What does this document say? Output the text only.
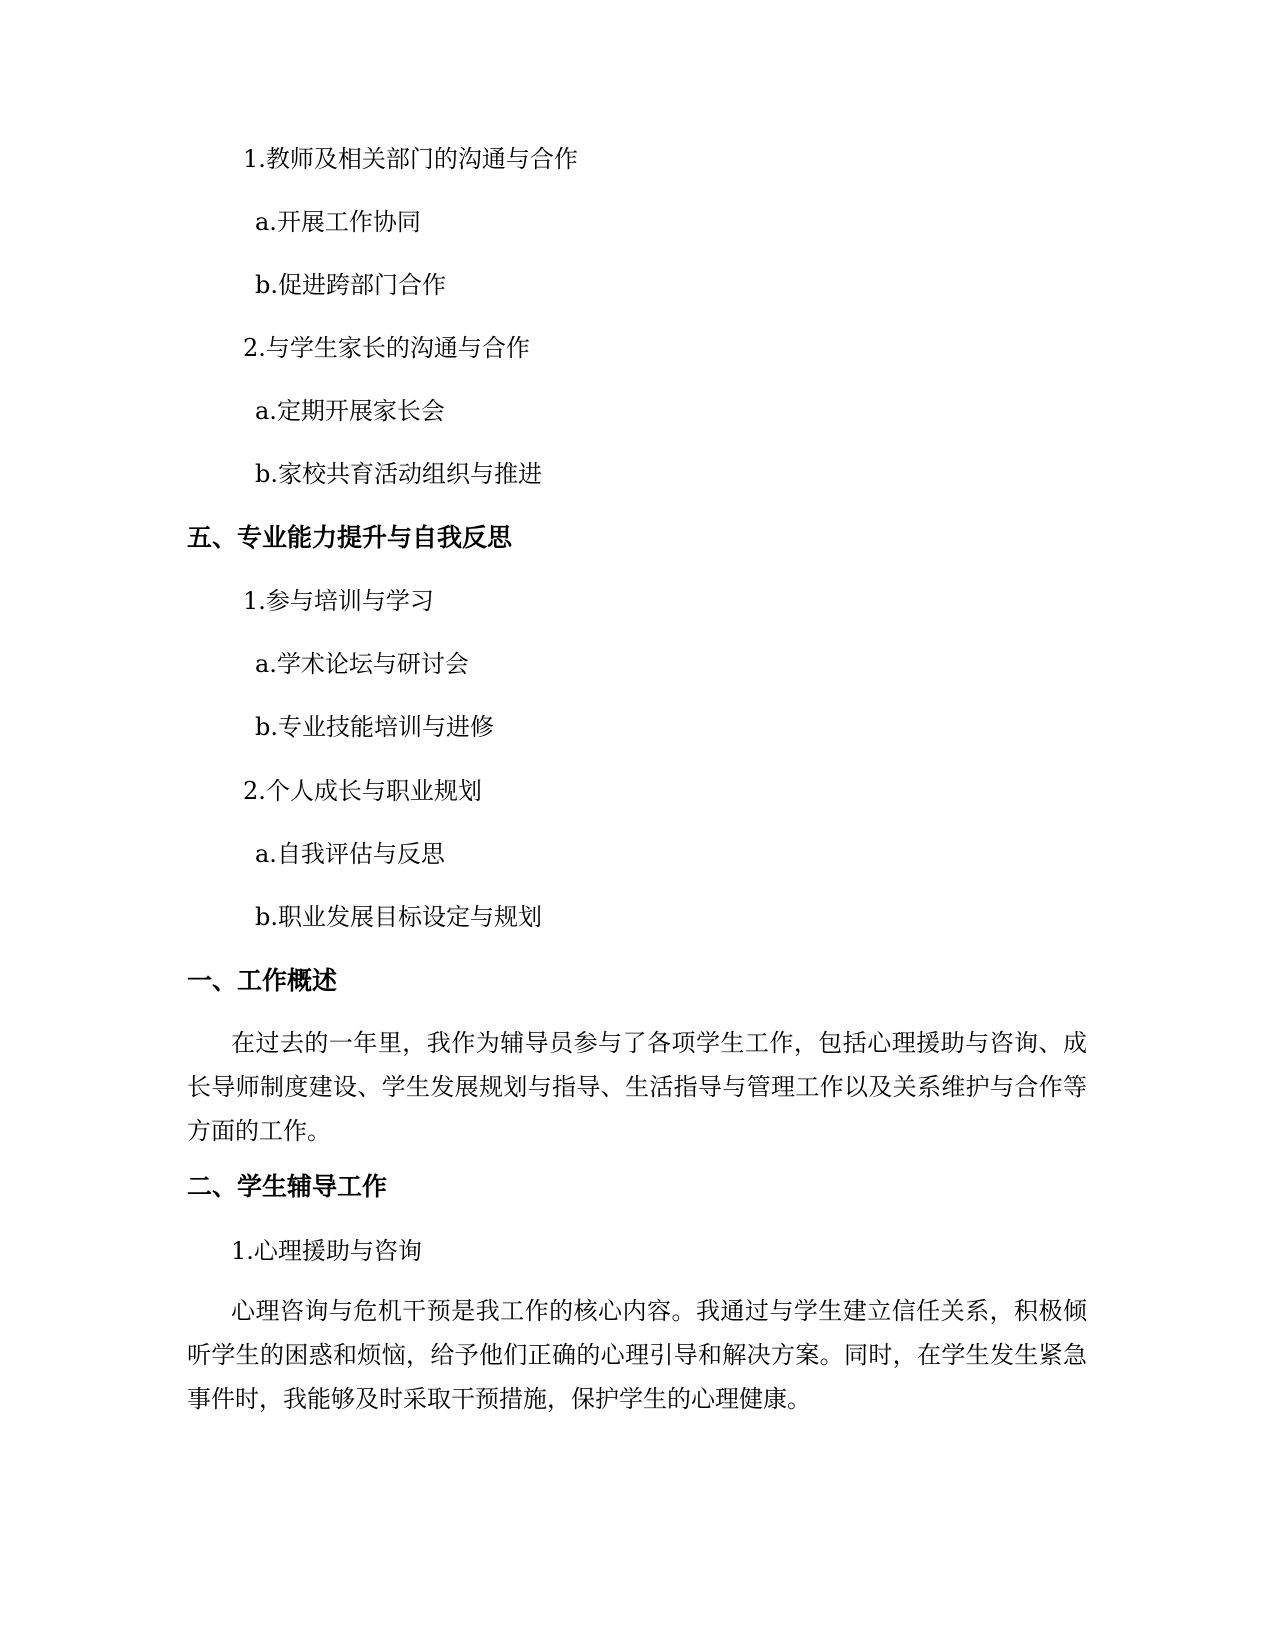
1.教师及相关部门的沟通与合作
a.开展工作协同
b.促进跨部门合作
2.与学生家长的沟通与合作
a.定期开展家长会
b.家校共育活动组织与推进
五、专业能力提升与自我反思
1.参与培训与学习
a.学术论坛与研讨会
b.专业技能培训与进修
2.个人成长与职业规划
a.自我评估与反思
b.职业发展目标设定与规划
一、工作概述
在过去的一年里，我作为辅导员参与了各项学生工作，包括心理援助与咨询、成长导师制度建设、学生发展规划与指导、生活指导与管理工作以及关系维护与合作等方面的工作。
二、学生辅导工作
1.心理援助与咨询
心理咨询与危机干预是我工作的核心内容。我通过与学生建立信任关系，积极倾听学生的困惑和烦恼，给予他们正确的心理引导和解决方案。同时，在学生发生紧急事件时，我能够及时采取干预措施，保护学生的心理健康。
